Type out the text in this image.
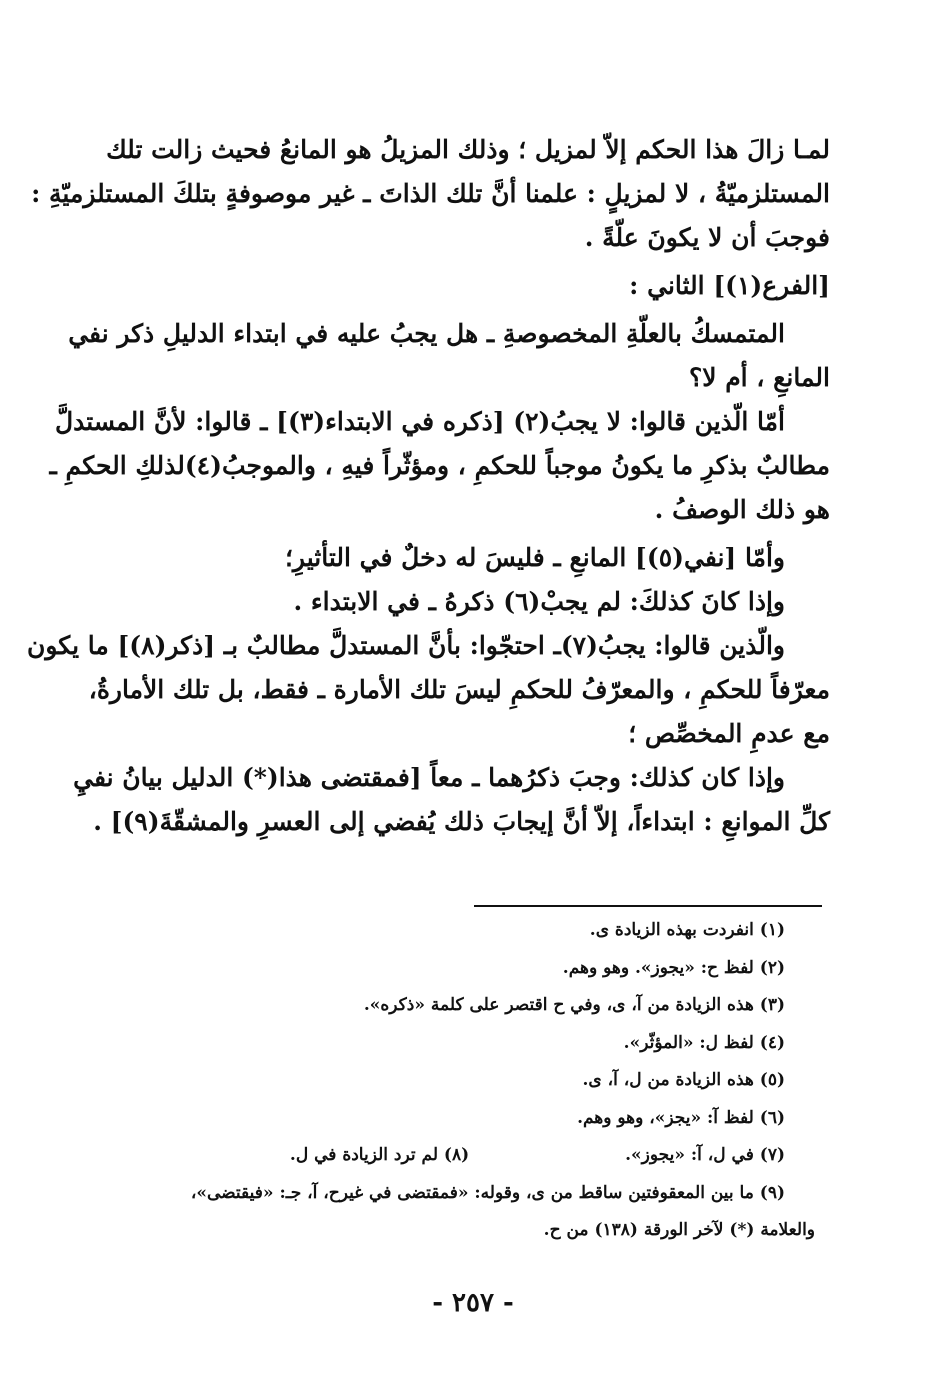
لمـا زالَ هذا الحكم إلاّ لمزيل ؛ وذلك المزيلُ هو المانعُ فحيث زالت تلك
المستلزميّةُ ، لا لمزيلٍ : علمنا أنَّ تلك الذاتَ ـ غير موصوفةٍ بتلكَ المستلزميّةِ :
فوجبَ أن لا يكونَ علّةً .
[الفرع(١)] الثاني :
المتمسكُ بالعلّةِ المخصوصةِ ـ هل يجبُ عليه في ابتداء الدليلِ ذكر نفي
المانعِ ، أم لا؟
أمّا الّذين قالوا: لا يجبُ(٢) [ذكره في الابتداء(٣)] ـ قالوا: لأنَّ المستدلَّ
مطالبٌ بذكرِ ما يكونُ موجباً للحكمِ ، ومؤثّراً فيهِ ، والموجبُ(٤)لذلكِ الحكمِ ـ
هو ذلك الوصفُ .
وأمّا [نفي(٥)] المانعِ ـ فليسَ له دخلٌ في التأثيرِ؛
وإذا كانَ كذلكَ: لم يجبْ(٦) ذكرهُ ـ في الابتداء .
والّذين قالوا: يجبُ(٧)ـ احتجّوا: بأنَّ المستدلَّ مطالبٌ بـ [ذكر(٨)] ما يكون
معرّفاً للحكمِ ، والمعرّفُ للحكمِ ليسَ تلك الأمارة ـ فقط، بل تلك الأمارةُ،
مع عدمِ المخصِّص ؛
وإذا كان كذلك: وجبَ ذكرُهما ـ معاً [فمقتضى هذا(*) الدليل بيانُ نفيِ
كلِّ الموانعِ : ابتداءاً، إلاّ أنَّ إيجابَ ذلك يُفضي إلى العسرِ والمشقّةَ(٩)] .
(١) انفردت بهذه الزيادة ى.
(٢) لفظ ح: «يجوز». وهو وهم.
(٣) هذه الزيادة من آ، ى، وفي ح اقتصر على كلمة «ذكره».
(٤) لفظ ل: «المؤثّر».
(٥) هذه الزيادة من ل، آ، ى.
(٦) لفظ آ: «يجز»، وهو وهم.
(٧) في ل، آ: «يجوز». (٨) لم ترد الزيادة في ل.
(٩) ما بين المعقوفتين ساقط من ى، وقوله: «فمقتضى في غيرح، آ، جـ: «فيقتضى»،
والعلامة (*) لآخر الورقة (١٣٨) من ح.
- ٢٥٧ -
